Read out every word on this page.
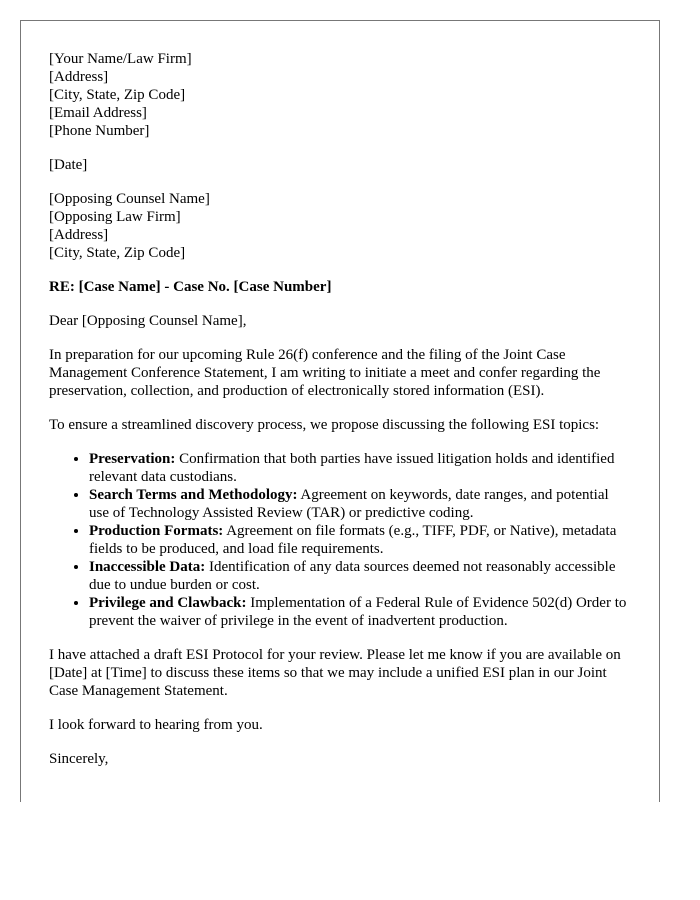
[Your Name/Law Firm]
[Address]
[City, State, Zip Code]
[Email Address]
[Phone Number]

[Date]

[Opposing Counsel Name]
[Opposing Law Firm]
[Address]
[City, State, Zip Code]

RE: [Case Name] - Case No. [Case Number]

Dear [Opposing Counsel Name],

In preparation for our upcoming Rule 26(f) conference and the filing of the Joint Case Management Conference Statement, I am writing to initiate a meet and confer regarding the preservation, collection, and production of electronically stored information (ESI).

To ensure a streamlined discovery process, we propose discussing the following ESI topics:

• Preservation: Confirmation that both parties have issued litigation holds and identified relevant data custodians.
• Search Terms and Methodology: Agreement on keywords, date ranges, and potential use of Technology Assisted Review (TAR) or predictive coding.
• Production Formats: Agreement on file formats (e.g., TIFF, PDF, or Native), metadata fields to be produced, and load file requirements.
• Inaccessible Data: Identification of any data sources deemed not reasonably accessible due to undue burden or cost.
• Privilege and Clawback: Implementation of a Federal Rule of Evidence 502(d) Order to prevent the waiver of privilege in the event of inadvertent production.

I have attached a draft ESI Protocol for your review. Please let me know if you are available on [Date] at [Time] to discuss these items so that we may include a unified ESI plan in our Joint Case Management Statement.

I look forward to hearing from you.

Sincerely,
